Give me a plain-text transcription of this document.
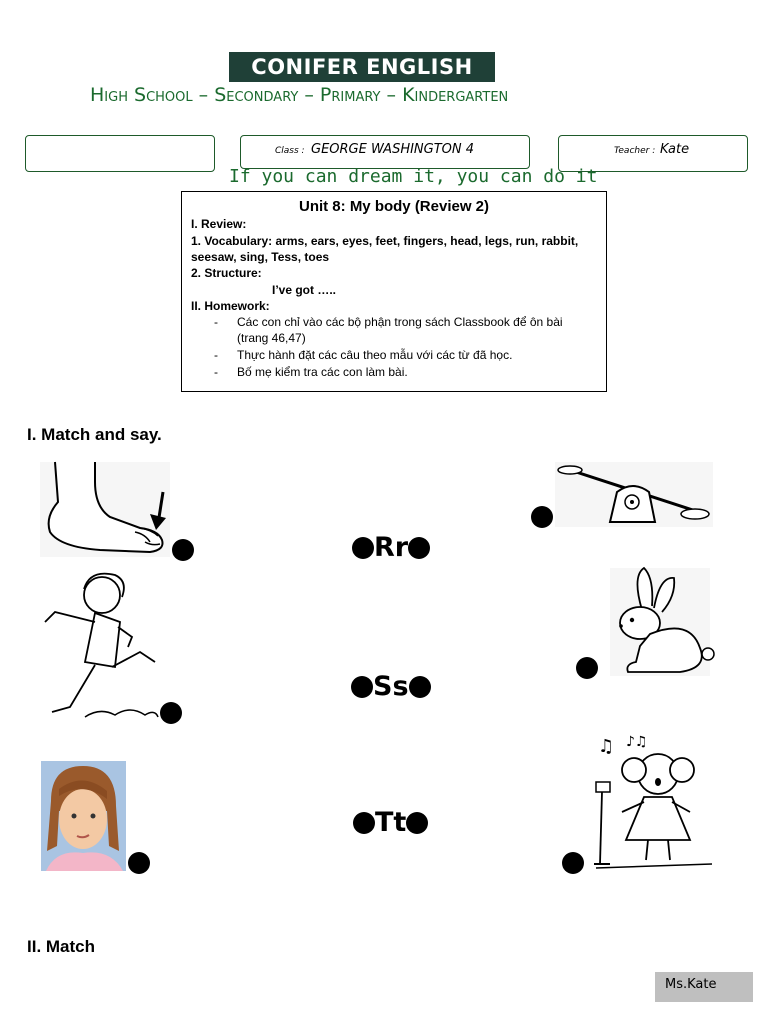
CONIFER ENGLISH
High School – Secondary – Primary – Kindergarten
Class : GEORGE WASHINGTON 4	Teacher : Kate
If you can dream it, you can do it
Unit 8: My body (Review 2)
I. Review:
1. Vocabulary: arms, ears, eyes, feet, fingers, head, legs, run, rabbit,
seesaw, sing, Tess, toes
2. Structure:
I’ve got …..
II. Homework:
- Các con chỉ vào các bộ phận trong sách Classbook để ôn bài
(trang 46,47)
- Thực hành đặt các câu theo mẫu với các từ đã học.
- Bố mẹ kiểm tra các con làm bài.
I. Match and say.
Rr
Ss
Tt
♫ ♪♫
II. Match
Ms.Kate
